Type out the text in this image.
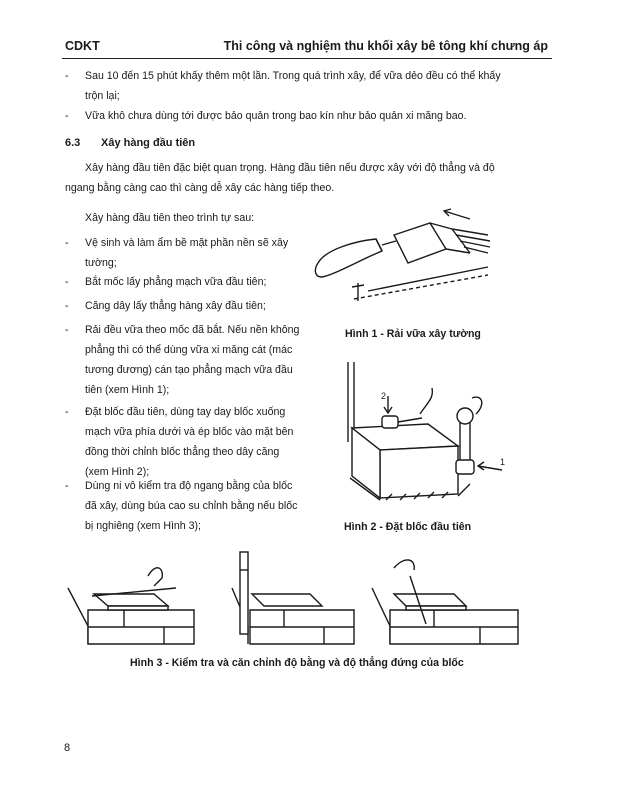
CDKT	Thi công và nghiệm thu khối xây bê tông khí chưng áp
- Sau 10 đến 15 phút khấy thêm một lần. Trong quá trình xây, để vữa dẻo đều có thể khấy
trộn lại;
- Vữa khô chưa dùng tới được bảo quản trong bao kín như bảo quản xi măng bao.
6.3 Xây hàng đầu tiên
Xây hàng đầu tiên đặc biệt quan trọng. Hàng đầu tiên nếu được xây với độ thẳng và độ
ngang bằng càng cao thì càng dễ xây các hàng tiếp theo.
Xây hàng đầu tiên theo trình tự sau:
- Vệ sinh và làm ẩm bề mặt phần nền sẽ xây
tường;
- Bắt mốc lấy phẳng mạch vữa đầu tiên;
- Căng dây lấy thẳng hàng xây đầu tiên;
- Rải đều vữa theo mốc đã bắt. Nếu nền không
phẳng thì có thể dùng vữa xi măng cát (mác
tương đương) cán tạo phẳng mạch vữa đầu
tiên (xem Hình 1);
- Đặt blốc đầu tiên, dùng tay day blốc xuống
mạch vữa phía dưới và ép blốc vào mặt bên
đồng thời chỉnh blốc thẳng theo dây căng
(xem Hình 2);
- Dùng ni vô kiểm tra độ ngang bằng của blốc
đã xây, dùng búa cao su chỉnh bằng nếu blốc
bị nghiêng (xem Hình 3);
Hình 1 - Rải vữa xây tường
2
1
Hình 2 - Đặt blốc đầu tiên
Hình 3 - Kiểm tra và căn chỉnh độ bằng và độ thẳng đứng của blốc
8
